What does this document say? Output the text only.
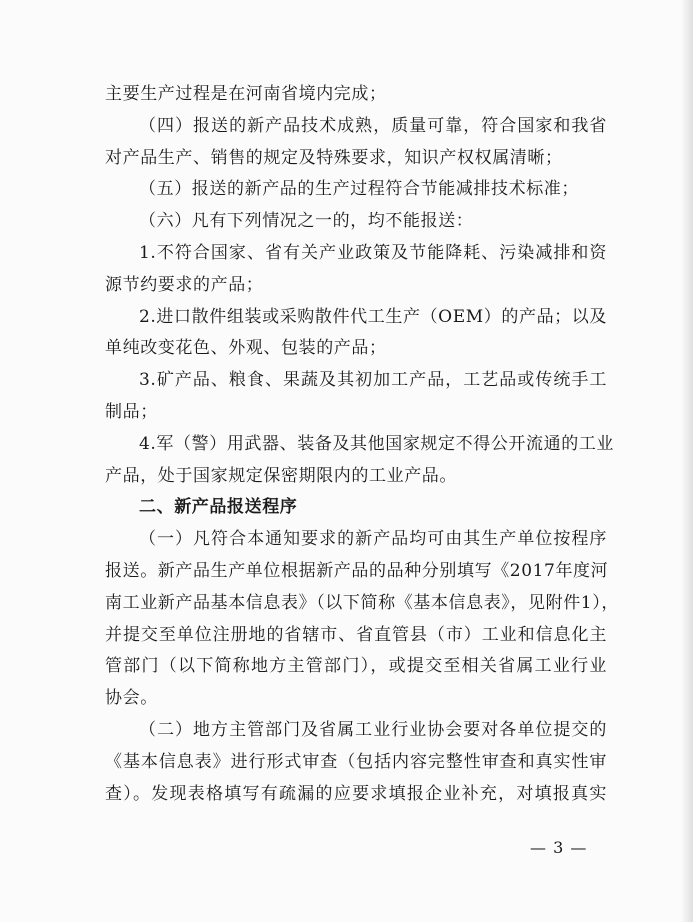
主要生产过程是在河南省境内完成；
（四）报送的新产品技术成熟，质量可靠，符合国家和我省
对产品生产、销售的规定及特殊要求，知识产权权属清晰；
（五）报送的新产品的生产过程符合节能减排技术标准；
（六）凡有下列情况之一的，均不能报送：
1.不符合国家、省有关产业政策及节能降耗、污染减排和资
源节约要求的产品；
2.进口散件组装或采购散件代工生产（OEM）的产品；以及
单纯改变花色、外观、包装的产品；
3.矿产品、粮食、果蔬及其初加工产品，工艺品或传统手工
制品；
4.军（警）用武器、装备及其他国家规定不得公开流通的工业
产品，处于国家规定保密期限内的工业产品。
二、新产品报送程序
（一）凡符合本通知要求的新产品均可由其生产单位按程序
报送。新产品生产单位根据新产品的品种分别填写《2017年度河
南工业新产品基本信息表》（以下简称《基本信息表》，见附件1），
并提交至单位注册地的省辖市、省直管县（市）工业和信息化主
管部门（以下简称地方主管部门），或提交至相关省属工业行业
协会。
（二）地方主管部门及省属工业行业协会要对各单位提交的
《基本信息表》进行形式审查（包括内容完整性审查和真实性审
查）。发现表格填写有疏漏的应要求填报企业补充，对填报真实
— 3 —
